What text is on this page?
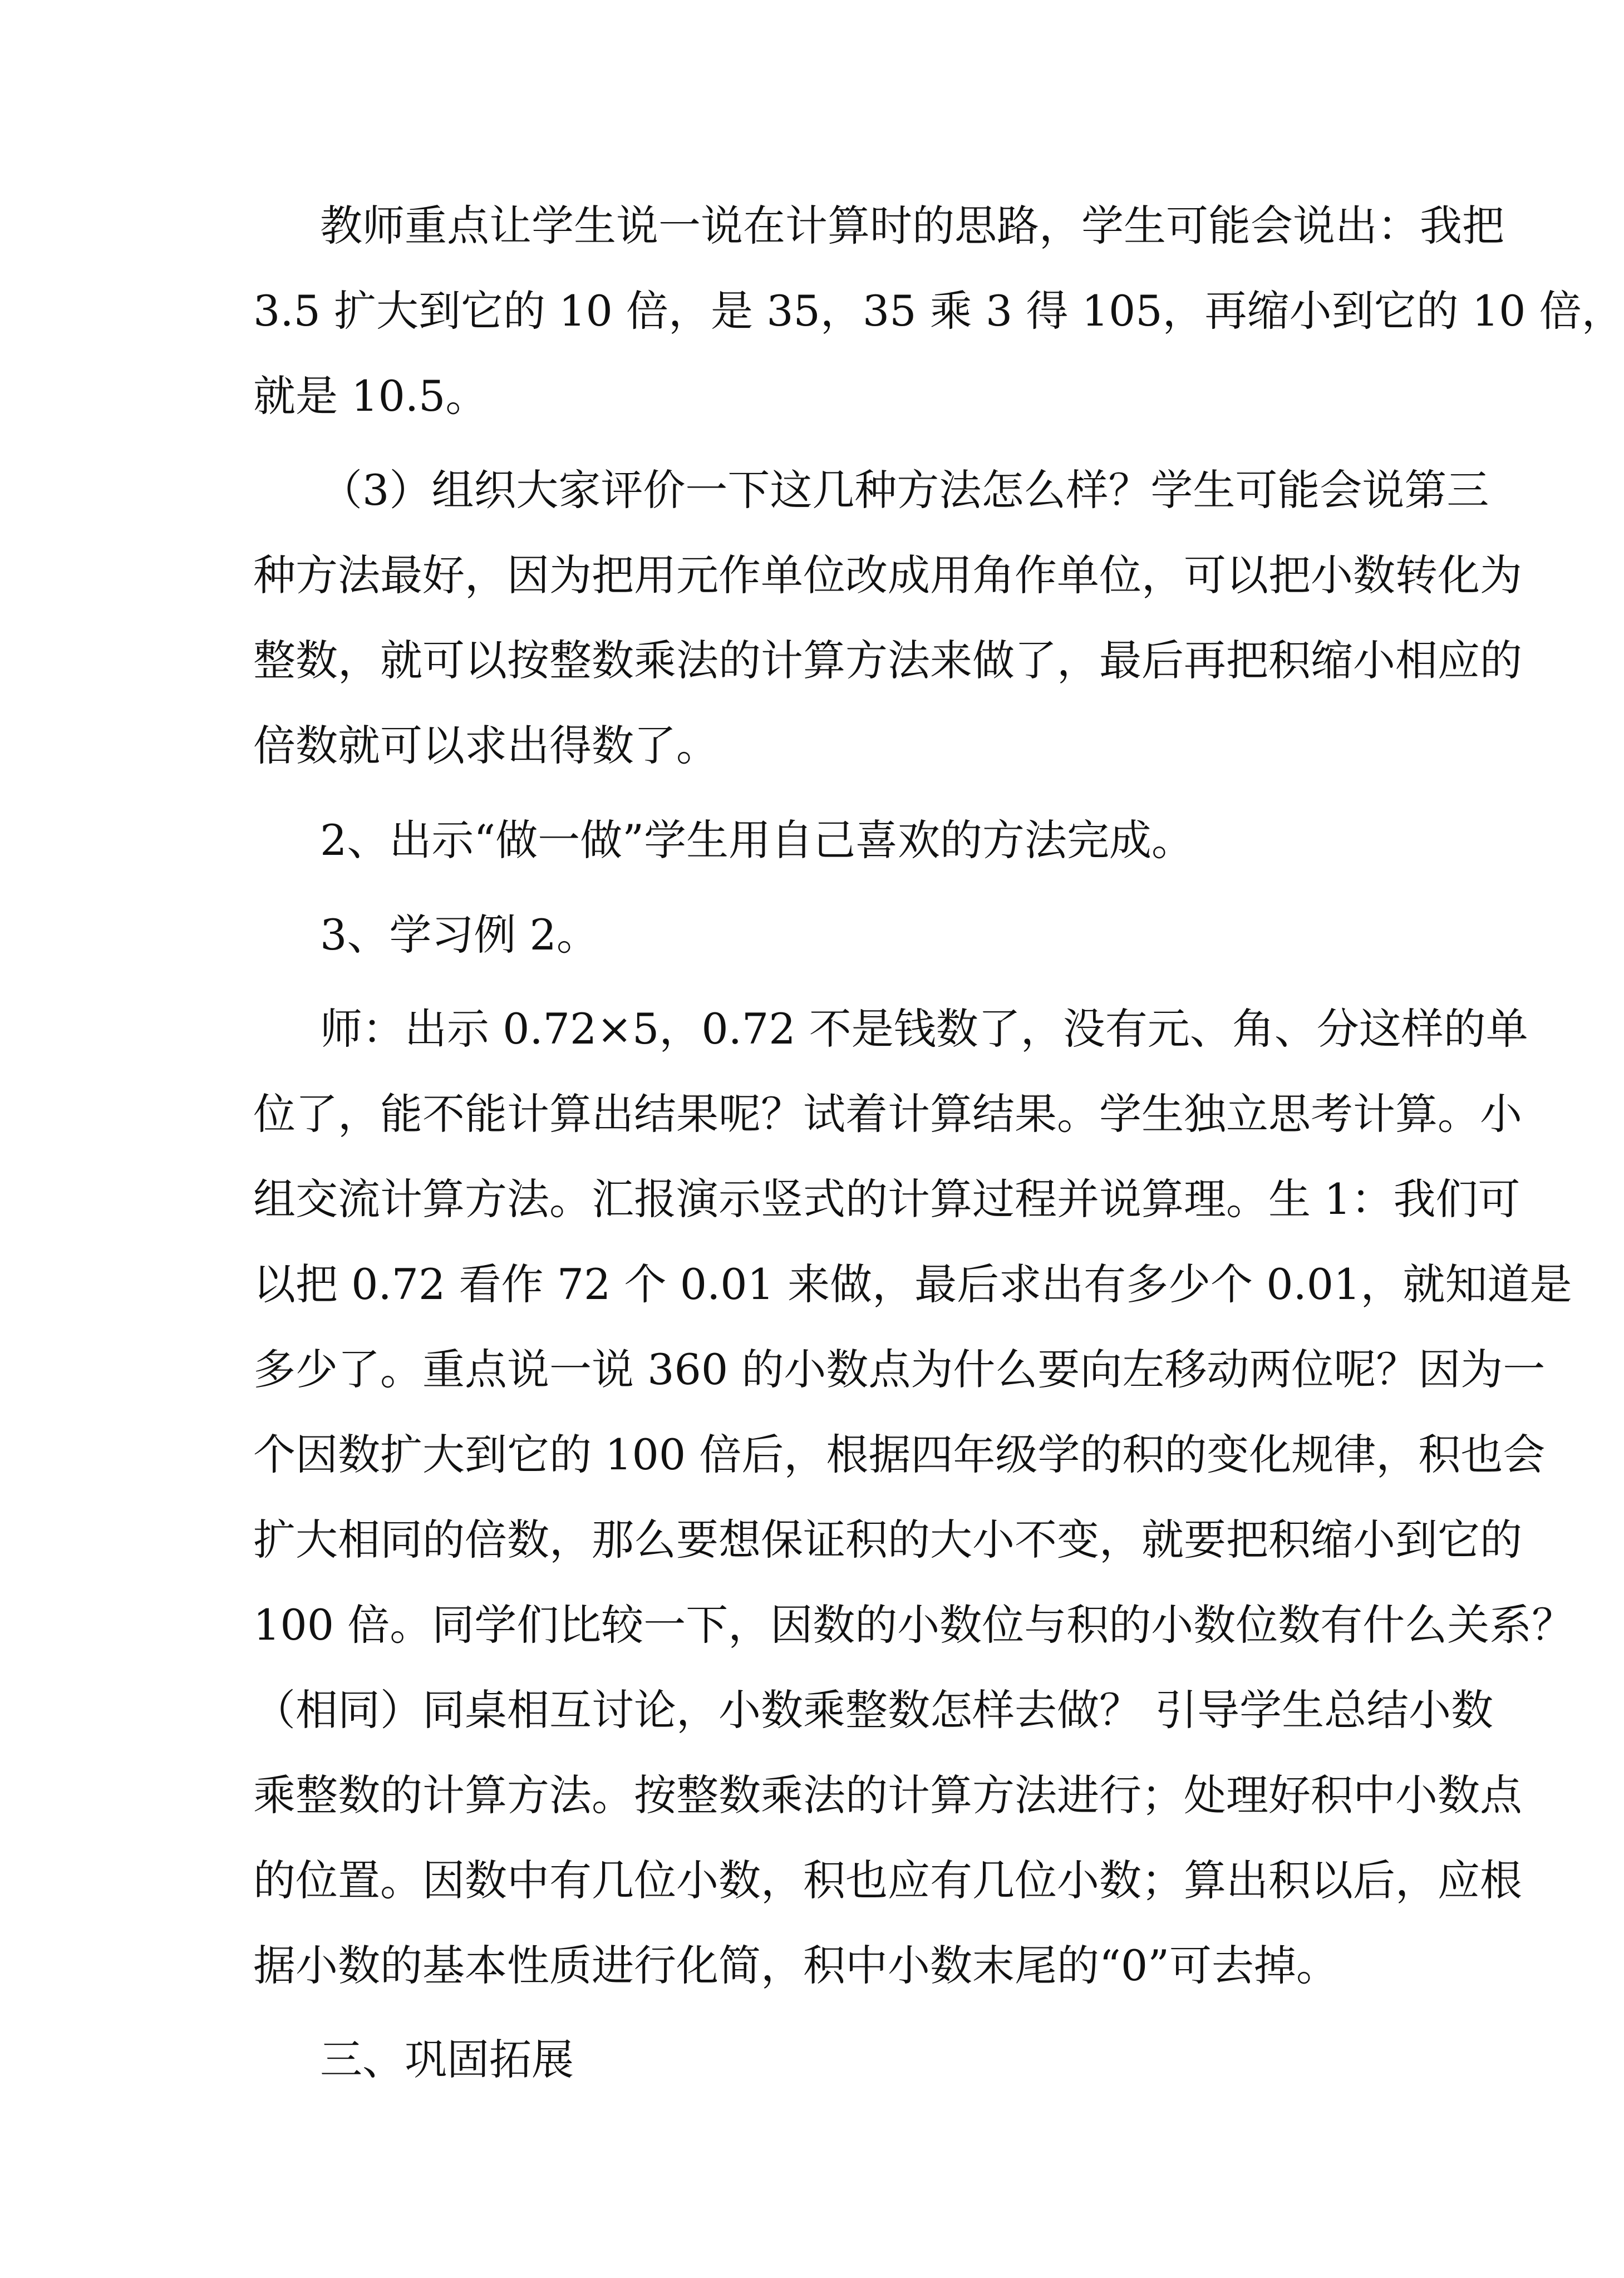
教师重点让学生说一说在计算时的思路，学生可能会说出：我把
3.5 扩大到它的 10 倍，是 35，35 乘 3 得 105，再缩小到它的 10 倍，
就是 10.5。
（3）组织大家评价一下这几种方法怎么样？学生可能会说第三
种方法最好，因为把用元作单位改成用角作单位，可以把小数转化为
整数，就可以按整数乘法的计算方法来做了，最后再把积缩小相应的
倍数就可以求出得数了。
2、出示“做一做”学生用自己喜欢的方法完成。
3、学习例 2。
师：出示 0.72×5，0.72 不是钱数了，没有元、角、分这样的单
位了，能不能计算出结果呢？试着计算结果。学生独立思考计算。小
组交流计算方法。汇报演示竖式的计算过程并说算理。生 1：我们可
以把 0.72 看作 72 个 0.01 来做，最后求出有多少个 0.01，就知道是
多少了。重点说一说 360 的小数点为什么要向左移动两位呢？因为一
个因数扩大到它的 100 倍后，根据四年级学的积的变化规律，积也会
扩大相同的倍数，那么要想保证积的大小不变，就要把积缩小到它的
100 倍。同学们比较一下，因数的小数位与积的小数位数有什么关系？
（相同）同桌相互讨论，小数乘整数怎样去做？ 引导学生总结小数
乘整数的计算方法。按整数乘法的计算方法进行；处理好积中小数点
的位置。因数中有几位小数，积也应有几位小数；算出积以后，应根
据小数的基本性质进行化简，积中小数末尾的“0”可去掉。
三、巩固拓展
